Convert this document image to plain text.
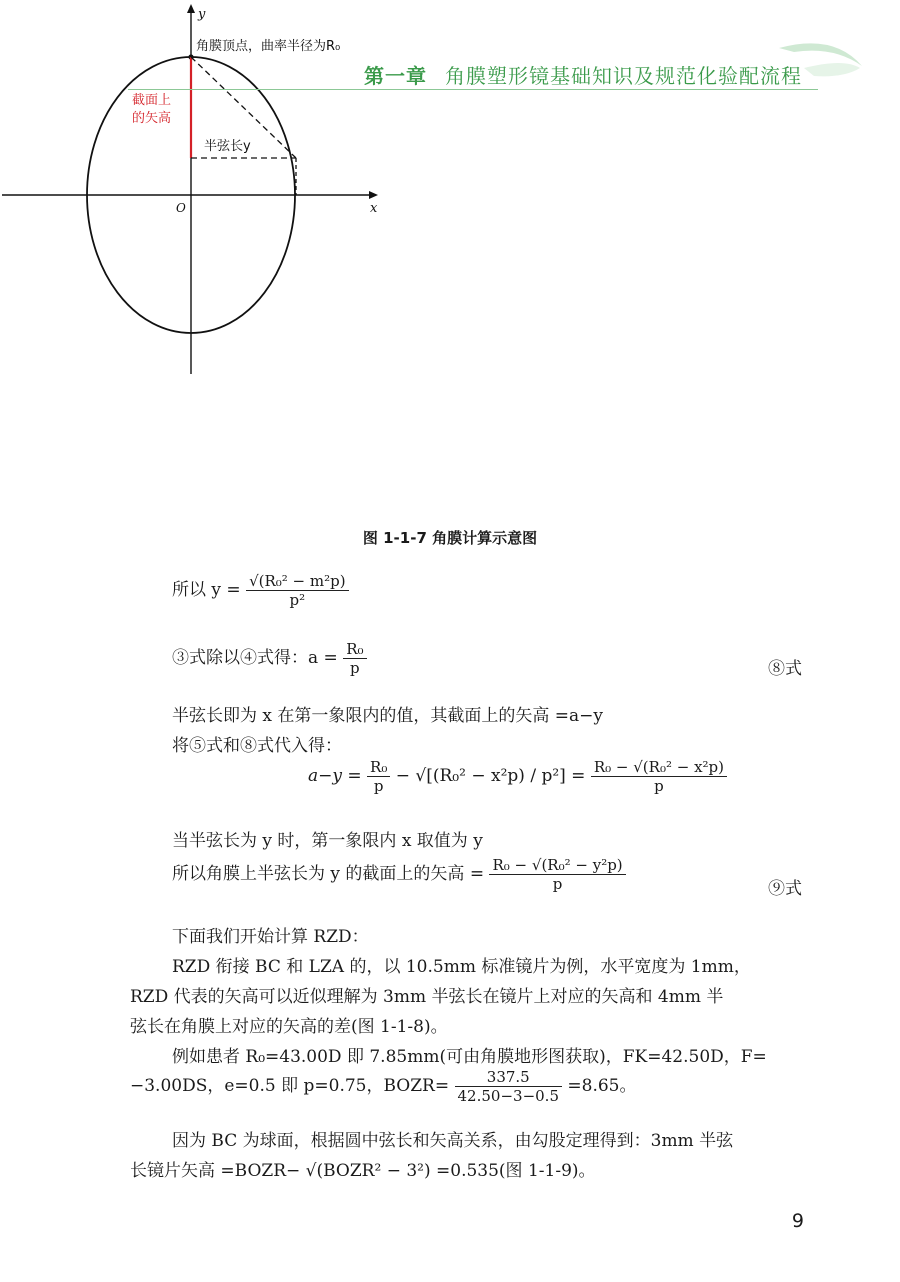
第一章 角膜塑形镜基础知识及规范化验配流程
y
x
O
角膜顶点，曲率半径为R₀
截面上
的矢高
半弦长y
图 1-1-7 角膜计算示意图
所以 $y = \frac{\text{√(R₀² − m²p)}}{\text{p²}}$
③式除以④式得：$a = \frac{\text{R₀}}{p}$	⑧式
半弦长即为 x 在第一象限内的值，其截面上的矢高 =a−y
将⑤式和⑧式代入得：
$a-y = \frac{\text{R₀}}{p} - √[(R_0^2 - x^2p) / p^2] = \frac{\text{R₀ − √(R₀² − x²p)}}{p}$
当半弦长为 y 时，第一象限内 x 取值为 y
所以角膜上半弦长为 y 的截面上的矢高 = $\frac{\text{R₀ − √(R₀² − y²p)}}{p}$	⑨式
下面我们开始计算 RZD：
RZD 衔接 BC 和 LZA 的，以 10.5mm 标准镜片为例，水平宽度为 1mm，
RZD 代表的矢高可以近似理解为 3mm 半弦长在镜片上对应的矢高和 4mm 半
弦长在角膜上对应的矢高的差(图 1-1-8)。
例如患者 R₀=43.00D 即 7.85mm(可由角膜地形图获取)，FK=42.50D，F=
−3.00DS，e=0.5 即 p=0.75，BOZR= $\frac{337.5}{42.50-3-0.5} =8.65$。
因为 BC 为球面，根据圆中弦长和矢高关系，由勾股定理得到：3mm 半弦
长镜片矢高 =BOZR− √(BOZR² − 3²) =0.535(图 1-1-9)。
9
